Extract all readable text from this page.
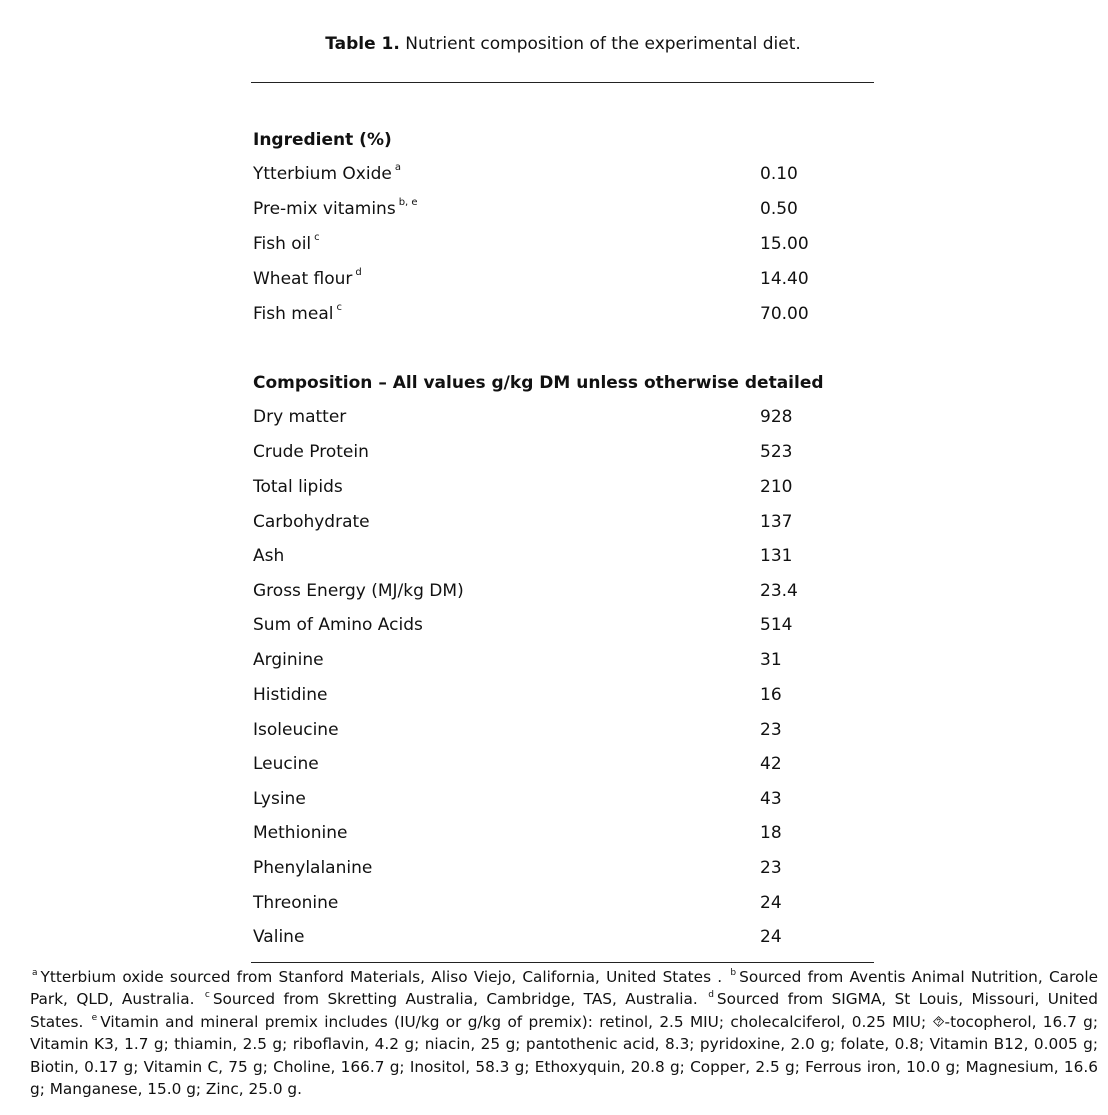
Table 1. Nutrient composition of the experimental diet.
Ingredient (%)
Ytterbium Oxide $^a$	0.10
Pre-mix vitamins $^{b, e}$	0.50
Fish oil $^c$	15.00
Wheat flour $^d$	14.40
Fish meal $^c$	70.00
Composition – All values g/kg DM unless otherwise detailed
Dry matter	928
Crude Protein	523
Total lipids	210
Carbohydrate	137
Ash	131
Gross Energy (MJ/kg DM)	23.4
Sum of Amino Acids	514
Arginine	31
Histidine	16
Isoleucine	23
Leucine	42
Lysine	43
Methionine	18
Phenylalanine	23
Threonine	24
Valine	24
$^a$ Ytterbium oxide sourced from Stanford Materials, Aliso Viejo, California, United States . $^b$ Sourced from Aventis Animal Nutrition, Carole Park, QLD, Australia. $^c$ Sourced from Skretting Australia, Cambridge, TAS, Australia. $^d$ Sourced from SIGMA, St Louis, Missouri, United States. $^e$ Vitamin and mineral premix includes (IU/kg or g/kg of premix): retinol, 2.5 MIU; cholecalciferol, 0.25 MIU; ⯑-tocopherol, 16.7 g; Vitamin K3, 1.7 g; thiamin, 2.5 g; riboflavin, 4.2 g; niacin, 25 g; pantothenic acid, 8.3; pyridoxine, 2.0 g; folate, 0.8; Vitamin B12, 0.005 g; Biotin, 0.17 g; Vitamin C, 75 g; Choline, 166.7 g; Inositol, 58.3 g; Ethoxyquin, 20.8 g; Copper, 2.5 g; Ferrous iron, 10.0 g; Magnesium, 16.6 g; Manganese, 15.0 g; Zinc, 25.0 g.
